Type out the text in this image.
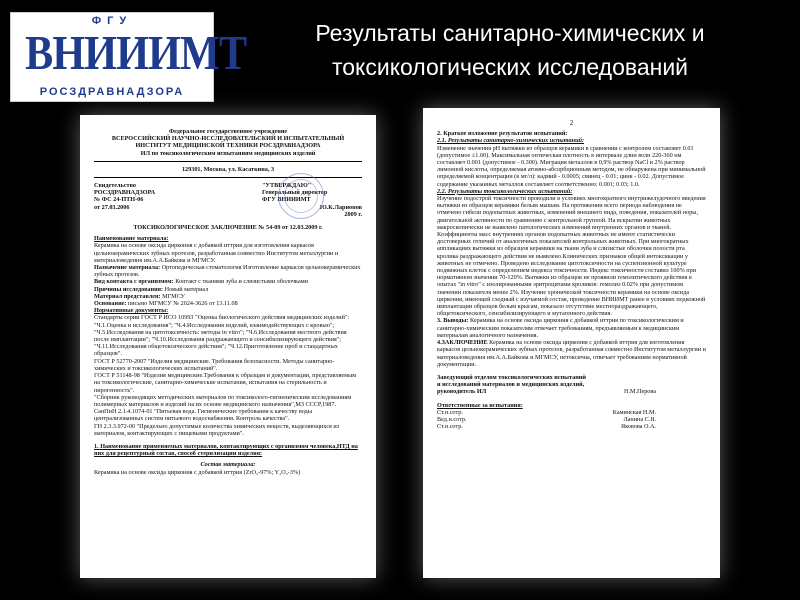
ФГУ
ВНИИИМТ
РОСЗДРАВНАДЗОРА
Результаты санитарно-химических и
токсикологических исследований
Федеральное государственное учреждение
ВСЕРОССИЙСКИЙ НАУЧНО-ИССЛЕДОВАТЕЛЬСКИЙ И ИСПЫТАТЕЛЬНЫЙ
ИНСТИТУТ МЕДИЦИНСКОЙ ТЕХНИКИ РОСЗДРАВНАДЗОРА
ИЛ по токсикологическим испытаниям медицинских изделий
129301, Москва, ул. Касаткина, 3
Свидетельство
РОСЗДРАВНАДЗОРА
№ ФС 24-ПТН-06
от 27.03.2006
"УТВЕРЖДАЮ"
Генеральный директор
ФГУ ВНИИИМТ
Ю.К.Ларионов
2009 г.
ТОКСИКОЛОГИЧЕСКОЕ ЗАКЛЮЧЕНИЕ № 54-09 от 12.03.2009 г.
Наименование материала:
Керамика на основе оксида циркония с добавкой иттрия для изготовления каркасов цельнокерамических зубных протезов, разработанная совместно Институтом металлургии и материаловедения им.А.А.Байкова и МГМСУ.
Назначение материала: Ортопедическая стоматология Изготовление каркасов цельнокерамических зубных протезов.
Вид контакта с организмом: Контакт с тканями зуба и слизистыми оболочками
Причины исследования: Новый материал
Материал представлен: МГМСУ
Основание: письмо МГМСУ № 2024-3626 от 13.11.08
Нормативные документы:
Стандарты серии ГОСТ Р ИСО 10993 "Оценка биологического действия медицинских изделий": "Ч.1.Оценка и исследования"; "Ч.4.Исследования изделий, взаимодействующих с кровью"; "Ч.5.Исследования на цитотоксичность: методы in vitro"; "Ч.6.Исследования местного действия после имплантации"; "Ч.10.Исследования раздражающего и сенсибилизирующего действия"; "Ч.11.Исследования общетоксического действия"; "Ч.12.Приготовление проб и стандартных образцов".
ГОСТ Р 52770-2007 "Изделия медицинские. Требования безопасности. Методы санитарно-химических и токсикологических испытаний".
ГОСТ Р 51148-98 "Изделия медицинские.Требования к образцам и документации, представляемым на токсикологические, санитарно-химические испытания, испытания на стерильность и пирогенность".
"Сборник руководящих методических материалов по токсиколого-гигиеническим исследованиям полимерных материалов и изделий на их основе медицинского назначения",МЗ СССР,1987.
СанПиН 2.1.4.1074-01 "Питьевая вода. Гигиенические требования к качеству воды централизованных систем питьевого водоснабжения. Контроль качества".
ГН 2.3.3.972-00 "Предельно допустимые количества химических веществ, выделяющихся из материалов, контактирующих с пищевыми продуктами".
1. Наименование применяемых материалов, контактирующих с организмом человека,НТД на них для рецептурный состав, способ стерилизации изделия:
Состав материала:
Керамика на основе оксида циркония с добавкой иттрия (ZrO₂-97%; Y₂O₃-3%)
2
2. Краткое изложение результатов испытаний:
2.1. Результаты санитарно-химических испытаний:
Изменение значения pH вытяжки из образцов керамики в сравнении с контролем составляет 0.01 (допустимое ±1.00). Максимальная оптическая плотность в интервале длин волн 220-360 нм составляет 0.001 (допустимое - 0.300). Миграция металлов в 0,9% раствор NaCl и 2% раствор лимонной кислоты, определяемая атомно-абсорбционным методом, не обнаружена при минимальной определяемой концентрации (в мг/л): кадмий - 0.0005; свинец - 0.01; цинк - 0.02. Допустимое содержание указанных металлов составляет соответственно: 0.001; 0.03; 1.0.
2.2. Результаты токсикологических испытаний:
Изучение подострой токсичности проводили в условиях многократного внутрижелудочного введения вытяжки из образцов керамики белым мышам. На протяжении всего периода наблюдения не отмечено гибели подопытных животных, изменений внешнего вида, поведения, показателей норы, двигательной активности по сравнению с контрольной группой. На вскрытии животных макроскопически не выявлено патологических изменений внутренних органов и тканей. Коэффициенты масс внутренних органов подопытных животных не имеют статистически достоверных отличий от аналогичных показателей контрольных животных. При многократных аппликациях вытяжки из образцов керамики на ткани зуба и слизистые оболочки полости рта кролика раздражающего действия не выявлено.Клинических признаков общей интоксикации у животных не отмечено. Проведено исследование цитотоксичности на суспензионной культуре подвижных клеток с определением индекса токсичности. Индекс токсичности составил 100% при нормативном значении 70-120%. Вытяжки из образцов не проявили гемолитического действия в опытах "in vitro" с изолированными эритроцитами кроликов: гемолиз 0.02% при допустимом значении показателя менее 2%. Изучение хронической токсичности керамики на основе оксида циркония, имеющей сходный с изучаемой состав, проведение ВНИИМТ ранее в условиях подкожной имплантации образцов белым крысам, показало отсутствие местнораздражающего, общетоксического, сенсибилизирующего и мутагенного действия.
3. Выводы: Керамика на основе оксида циркония с добавкой иттрия по токсикологическим и санитарно-химическим показателям отвечает требованиям, предъявляемым к медицинским материалам аналогичного назначения.
4.ЗАКЛЮЧЕНИЕ Керамика на основе оксида циркония с добавкой иттрия для изготовления каркасов цельнокерамических зубных протезов, разработанная совместно Институтом металлургии и материаловедения им.А.А.Байкова и МГМСУ, нетоксична, отвечает требованиям нормативной документации.
Заведующий отделом токсикологических испытаний
и исследований материалов и медицинских изделий,
руководитель ИЛ	Н.М.Перова
Ответственные за испытания:
Ст.н.сотр.	Каминская Н.М.
Вед.н.сотр.	Ланина С.Я.
Ст.н.сотр.	Яковова О.А.
